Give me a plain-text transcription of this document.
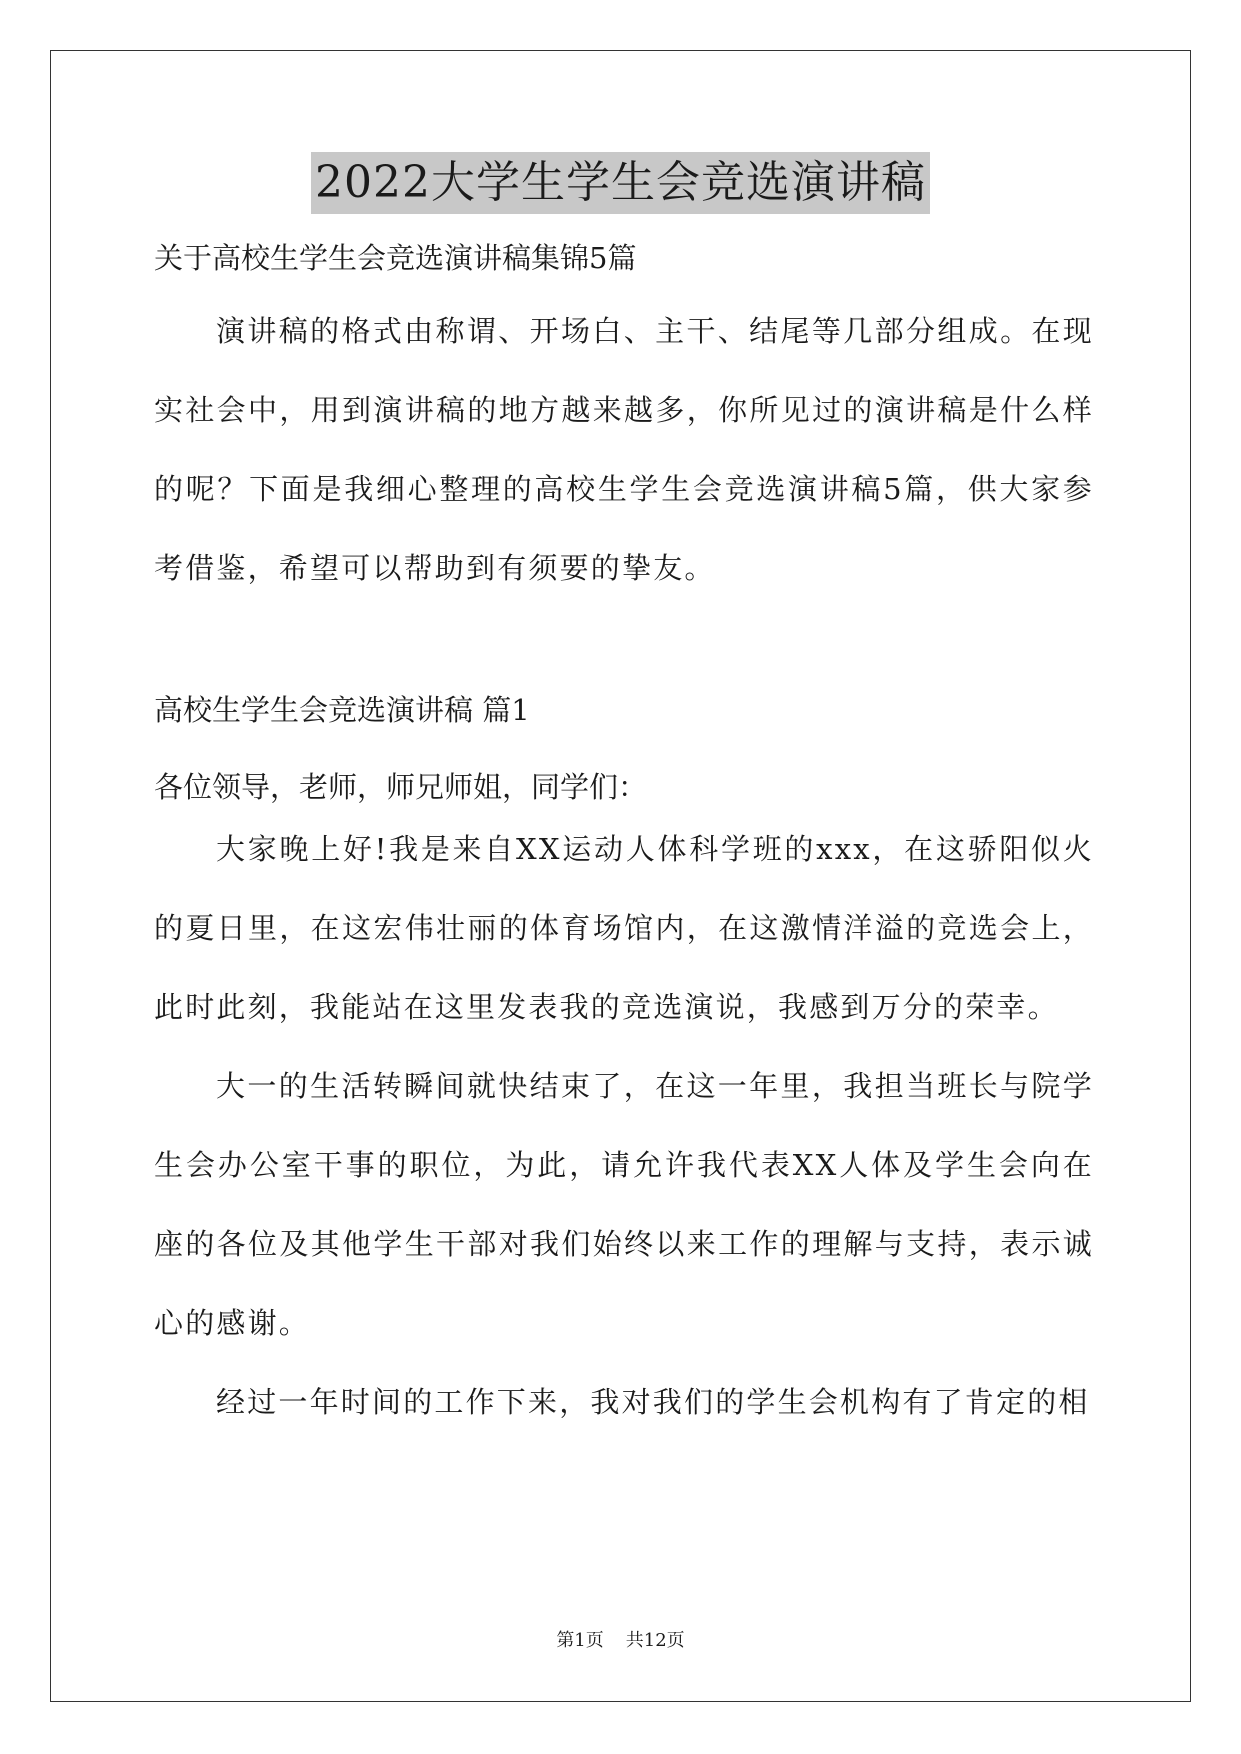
2022大学生学生会竞选演讲稿
关于高校生学生会竞选演讲稿集锦5篇
演讲稿的格式由称谓、开场白、主干、结尾等几部分组成。在现实社会中，用到演讲稿的地方越来越多，你所见过的演讲稿是什么样的呢？下面是我细心整理的高校生学生会竞选演讲稿5篇，供大家参考借鉴，希望可以帮助到有须要的挚友。
高校生学生会竞选演讲稿 篇1
各位领导，老师，师兄师姐，同学们：
大家晚上好!我是来自XX运动人体科学班的xxx，在这骄阳似火的夏日里，在这宏伟壮丽的体育场馆内，在这激情洋溢的竞选会上，此时此刻，我能站在这里发表我的竞选演说，我感到万分的荣幸。
大一的生活转瞬间就快结束了，在这一年里，我担当班长与院学生会办公室干事的职位，为此，请允许我代表XX人体及学生会向在座的各位及其他学生干部对我们始终以来工作的理解与支持，表示诚心的感谢。
经过一年时间的工作下来，我对我们的学生会机构有了肯定的相
第1页 共12页
